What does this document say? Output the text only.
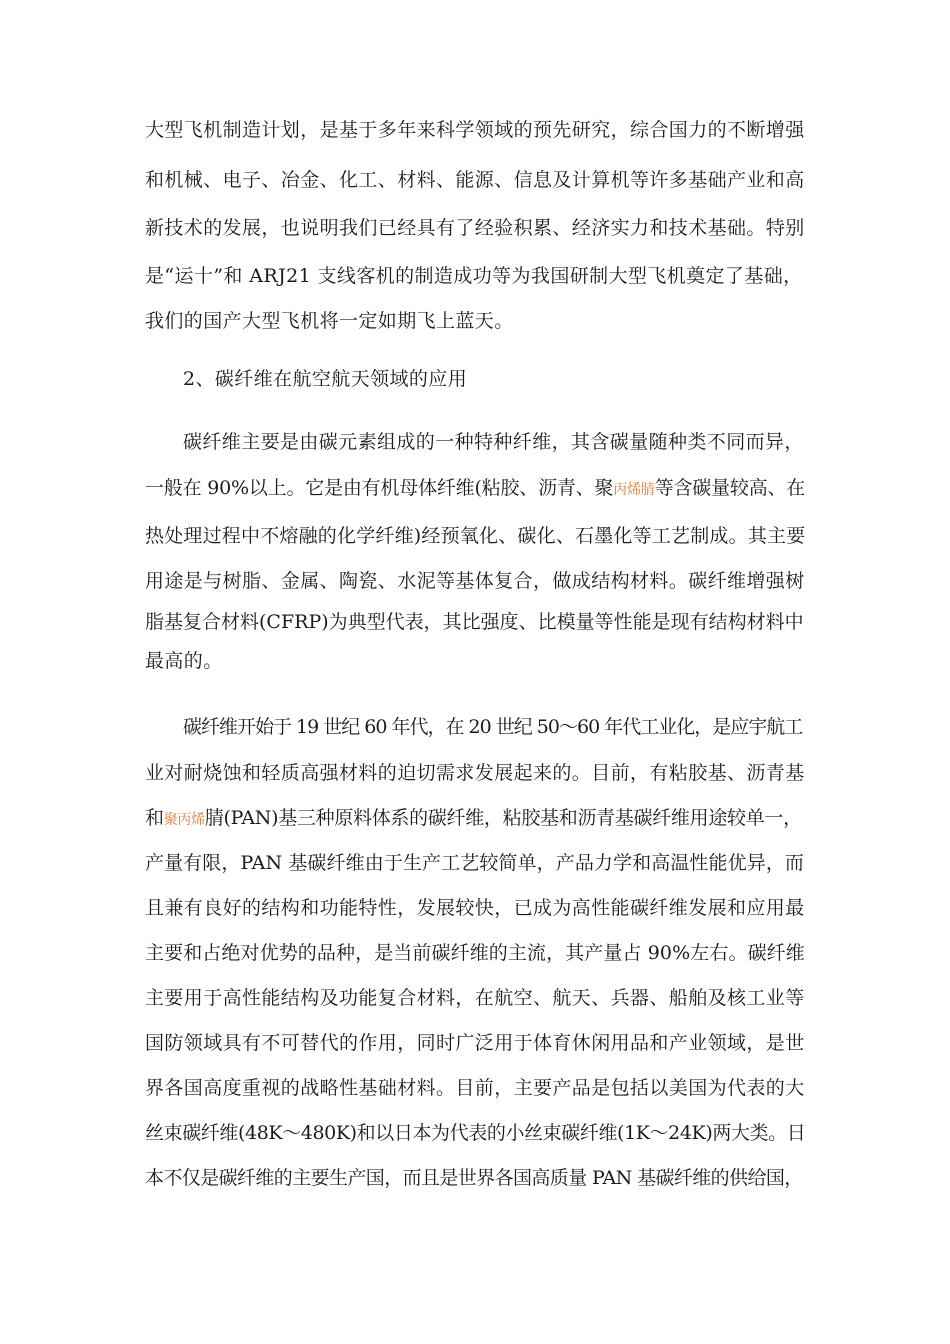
大型飞机制造计划，是基于多年来科学领域的预先研究，综合国力的不断增强
和机械、电子、冶金、化工、材料、能源、信息及计算机等许多基础产业和高
新技术的发展，也说明我们已经具有了经验积累、经济实力和技术基础。特别
是“运十”和 ARJ21 支线客机的制造成功等为我国研制大型飞机奠定了基础，
我们的国产大型飞机将一定如期飞上蓝天。
2、碳纤维在航空航天领域的应用
碳纤维主要是由碳元素组成的一种特种纤维，其含碳量随种类不同而异，
一般在 90%以上。它是由有机母体纤维(粘胶、沥青、聚丙烯腈等含碳量较高、在
热处理过程中不熔融的化学纤维)经预氧化、碳化、石墨化等工艺制成。其主要
用途是与树脂、金属、陶瓷、水泥等基体复合，做成结构材料。碳纤维增强树
脂基复合材料(CFRP)为典型代表，其比强度、比模量等性能是现有结构材料中
最高的。
碳纤维开始于 19 世纪 60 年代，在 20 世纪 50～60 年代工业化，是应宇航工
业对耐烧蚀和轻质高强材料的迫切需求发展起来的。目前，有粘胶基、沥青基
和聚丙烯腈(PAN)基三种原料体系的碳纤维，粘胶基和沥青基碳纤维用途较单一，
产量有限，PAN 基碳纤维由于生产工艺较简单，产品力学和高温性能优异，而
且兼有良好的结构和功能特性，发展较快，已成为高性能碳纤维发展和应用最
主要和占绝对优势的品种，是当前碳纤维的主流，其产量占 90%左右。碳纤维
主要用于高性能结构及功能复合材料，在航空、航天、兵器、船舶及核工业等
国防领域具有不可替代的作用，同时广泛用于体育休闲用品和产业领域，是世
界各国高度重视的战略性基础材料。目前，主要产品是包括以美国为代表的大
丝束碳纤维(48K～480K)和以日本为代表的小丝束碳纤维(1K～24K)两大类。日
本不仅是碳纤维的主要生产国，而且是世界各国高质量 PAN 基碳纤维的供给国，
